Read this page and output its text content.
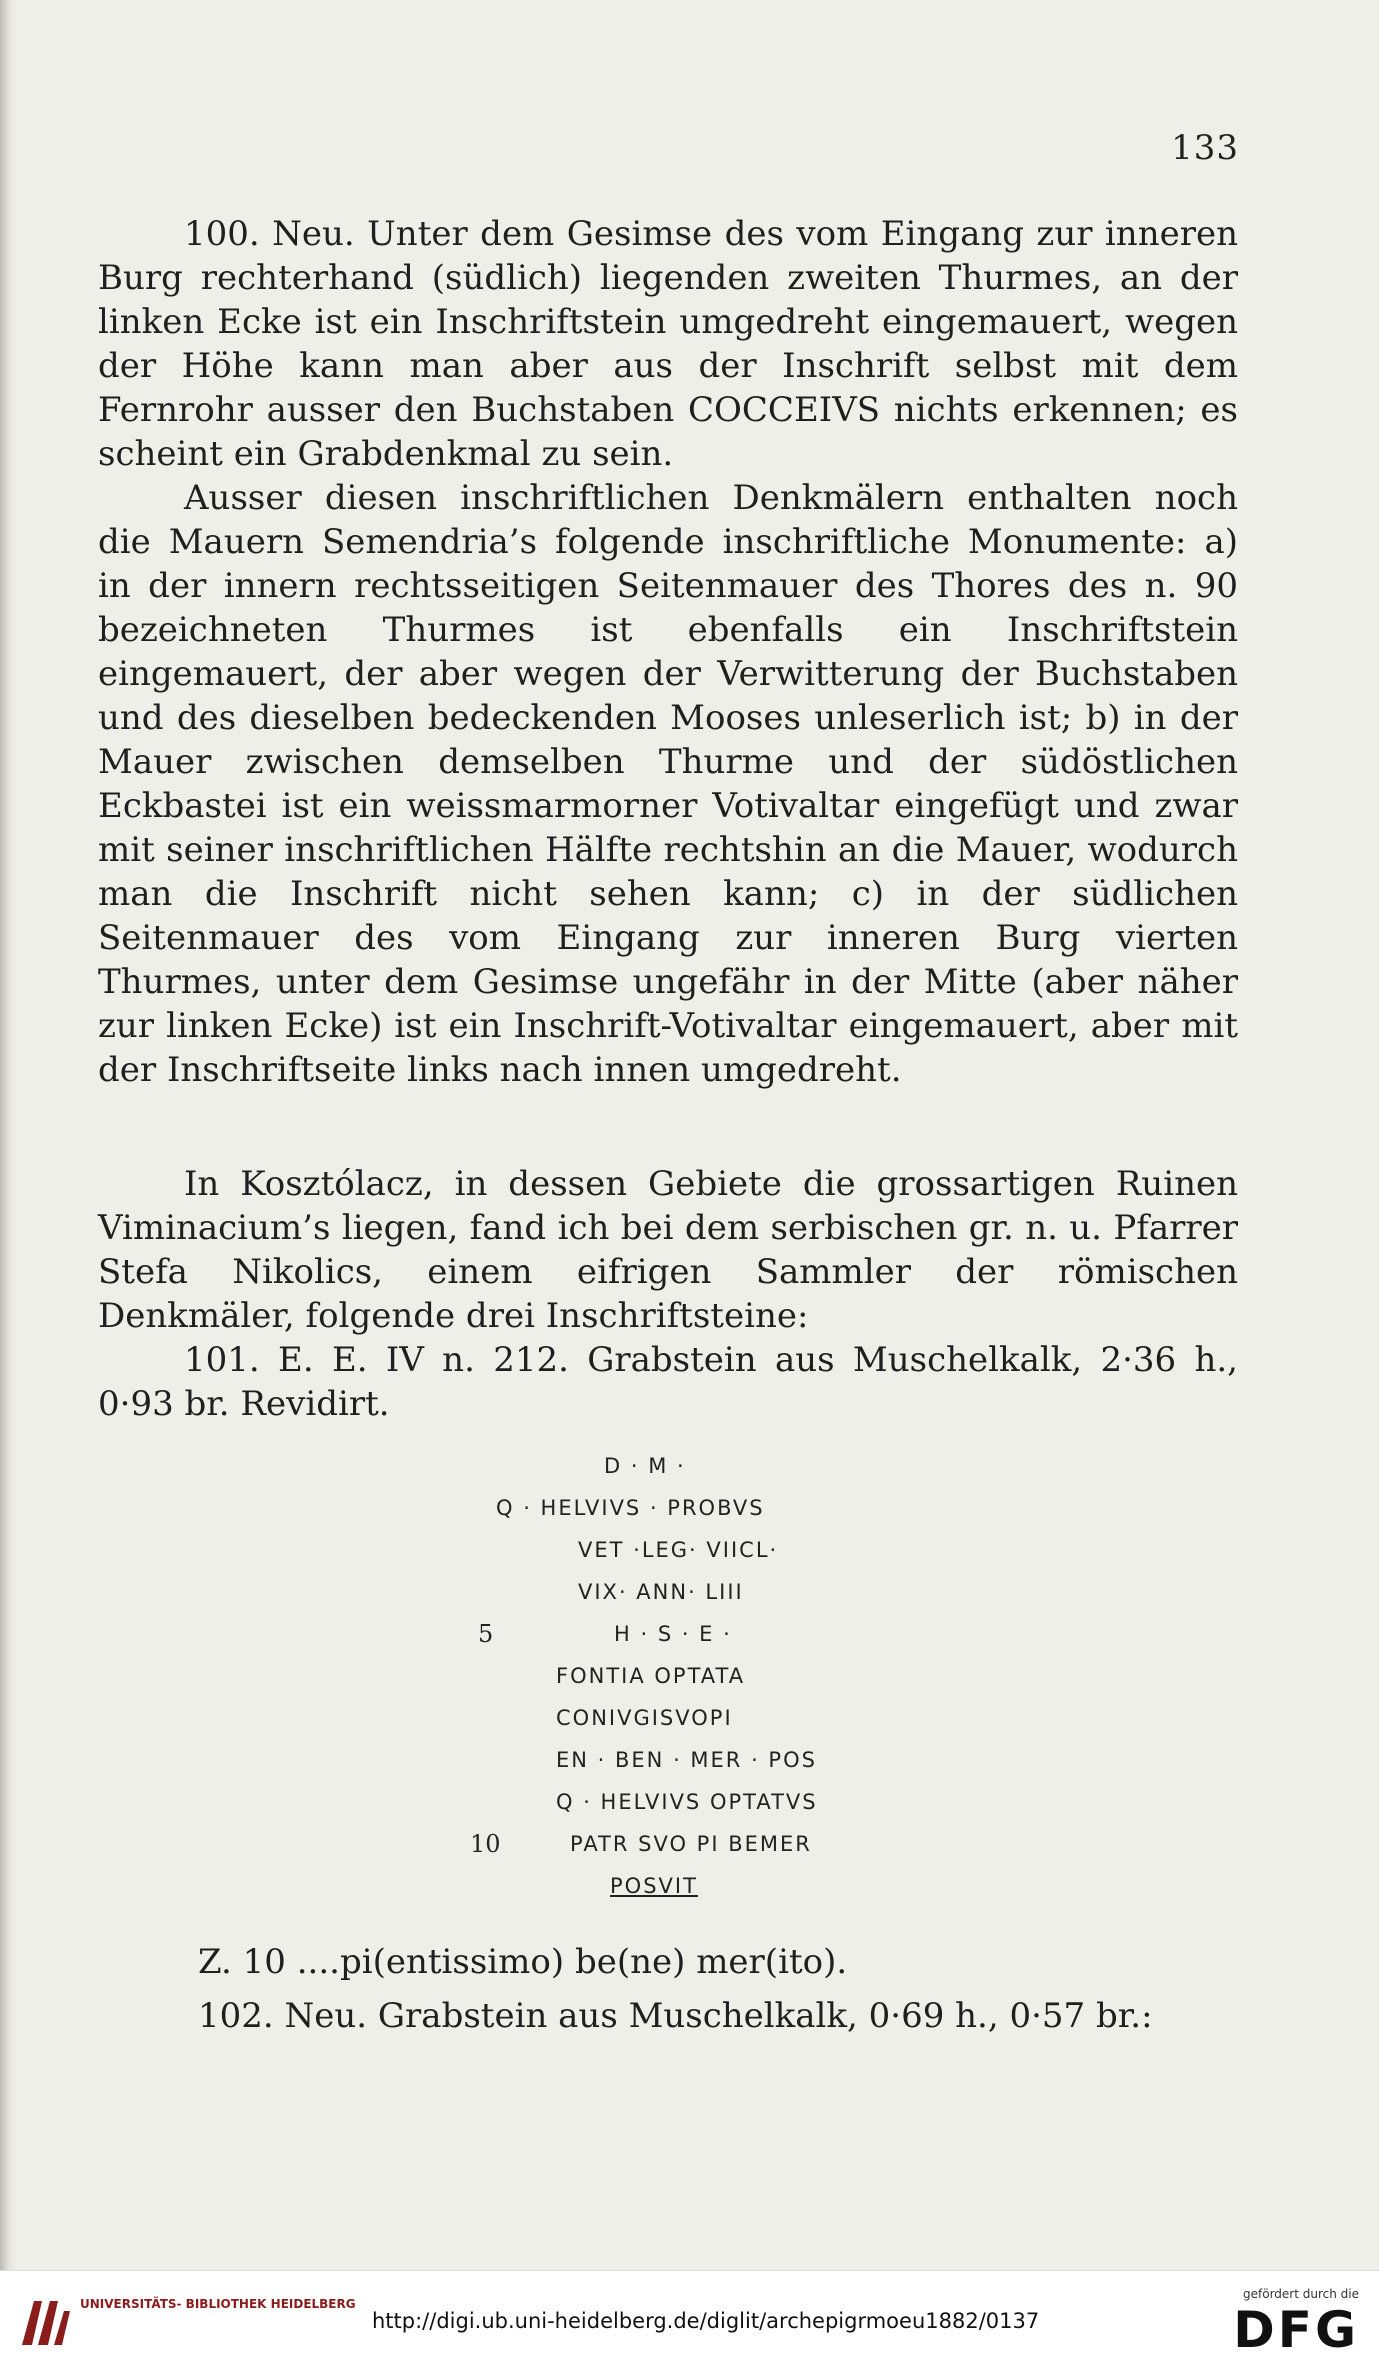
133

100. Neu. Unter dem Gesimse des vom Eingang zur inneren Burg rechterhand (südlich) liegenden zweiten Thurmes, an der linken Ecke ist ein Inschriftstein umgedreht eingemauert, wegen der Höhe kann man aber aus der Inschrift selbst mit dem Fernrohr ausser den Buchstaben COCCEIVS nichts erkennen; es scheint ein Grabdenkmal zu sein.

Ausser diesen inschriftlichen Denkmälern enthalten noch die Mauern Semendria’s folgende inschriftliche Monumente: a) in der innern rechtsseitigen Seitenmauer des Thores des n. 90 bezeichneten Thurmes ist ebenfalls ein Inschriftstein eingemauert, der aber wegen der Verwitterung der Buchstaben und des dieselben bedeckenden Mooses unleserlich ist; b) in der Mauer zwischen demselben Thurme und der südöstlichen Eckbastei ist ein weissmarmorner Votivaltar eingefügt und zwar mit seiner inschriftlichen Hälfte rechtshin an die Mauer, wodurch man die Inschrift nicht sehen kann; c) in der südlichen Seitenmauer des vom Eingang zur inneren Burg vierten Thurmes, unter dem Gesimse ungefähr in der Mitte (aber näher zur linken Ecke) ist ein Inschrift-Votivaltar eingemauert, aber mit der Inschriftseite links nach innen umgedreht.

In Kosztólacz, in dessen Gebiete die grossartigen Ruinen Viminacium’s liegen, fand ich bei dem serbischen gr. n. u. Pfarrer Stefa Nikolics, einem eifrigen Sammler der römischen Denkmäler, folgende drei Inschriftsteine:

101. E. E. IV n. 212. Grabstein aus Muschelkalk, 2·36 h., 0·93 br. Revidirt.

D · M ·
Q · HELVIVS · PROBVS
VET ·LEG· VIICL·
VIX· ANN· LIII
5	H · S · E ·
FONTIA OPTATA
CONIVGISVOPI
EN · BEN · MER · POS
Q · HELVIVS OPTATVS
10	PATR SVO PI BEMER
POSVIT

Z. 10 ....pi(entissimo) be(ne) mer(ito).

102. Neu. Grabstein aus Muschelkalk, 0·69 h., 0·57 br.:

UNIVERSITÄTS- BIBLIOTHEK HEIDELBERG
http://digi.ub.uni-heidelberg.de/diglit/archepigrmoeu1882/0137
gefördert durch die
DFG
